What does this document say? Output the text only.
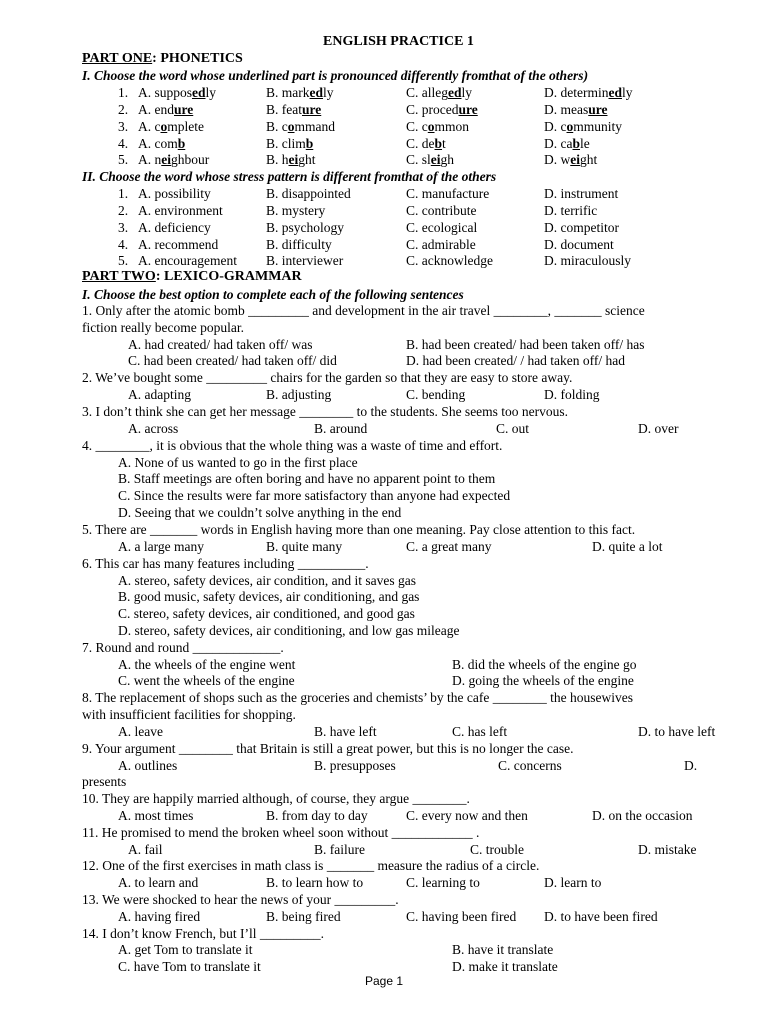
ENGLISH PRACTICE 1
PART ONE: PHONETICS
I. Choose the word whose underlined part is pronounced differently fromthat of the others)
1. A. supposedly	B. markedly	C. allegedly	D. determinedly
2. A. endure	B. feature	C. procedure	D. measure
3. A. complete	B. command	C. common	D. community
4. A. comb	B. climb	C. debt	D. cable
5. A. neighbour	B. height	C. sleigh	D. weight
II. Choose the word whose stress pattern is different fromthat of the others
1. A. possibility	B. disappointed	C. manufacture	D. instrument
2. A. environment	B. mystery	C. contribute	D. terrific
3. A. deficiency	B. psychology	C. ecological	D. competitor
4. A. recommend	B. difficulty	C. admirable	D. document
5. A. encouragement B. interviewer	C. acknowledge	D. miraculously
PART TWO: LEXICO-GRAMMAR
I. Choose the best option to complete each of the following sentences
1. Only after the atomic bomb _________ and development in the air travel ________, _______ science
fiction really become popular.
A. had created/ had taken off/ was	B. had been created/ had been taken off/ has
C. had been created/ had taken off/ did	D. had been created/ / had taken off/ had
2. We’ve bought some _________ chairs for the garden so that they are easy to store away.
A. adapting	B. adjusting	C. bending	D. folding
3. I don’t think she can get her message ________ to the students. She seems too nervous.
A. across	B. around	C. out	D. over
4. ________, it is obvious that the whole thing was a waste of time and effort.
A. None of us wanted to go in the first place
B. Staff meetings are often boring and have no apparent point to them
C. Since the results were far more satisfactory than anyone had expected
D. Seeing that we couldn’t solve anything in the end
5. There are _______ words in English having more than one meaning. Pay close attention to this fact.
A. a large many	B. quite many	C. a great many	D. quite a lot
6. This car has many features including __________.
A. stereo, safety devices, air condition, and it saves gas
B. good music, safety devices, air conditioning, and gas
C. stereo, safety devices, air conditioned, and good gas
D. stereo, safety devices, air conditioning, and low gas mileage
7. Round and round _____________.
A. the wheels of the engine went	B. did the wheels of the engine go
C. went the wheels of the engine	D. going the wheels of the engine
8. The replacement of shops such as the groceries and chemists’ by the cafe ________ the housewives
with insufficient facilities for shopping.
A. leave	B. have left	C. has left	D. to have left
9. Your argument ________ that Britain is still a great power, but this is no longer the case.
A. outlines	B. presupposes	C. concerns	D.
presents
10. They are happily married although, of course, they argue ________.
A. most times	B. from day to day	C. every now and then	D. on the occasion
11. He promised to mend the broken wheel soon without ____________ .
A. fail	B. failure	C. trouble	D. mistake
12. One of the first exercises in math class is _______ measure the radius of a circle.
A. to learn and	B. to learn how to	C. learning to	D. learn to
13. We were shocked to hear the news of your _________.
A. having fired	B. being fired	C. having been fired D. to have been fired
14. I don’t know French, but I’ll _________.
A. get Tom to translate it	B. have it translate
C. have Tom to translate it	D. make it translate
Page 1
